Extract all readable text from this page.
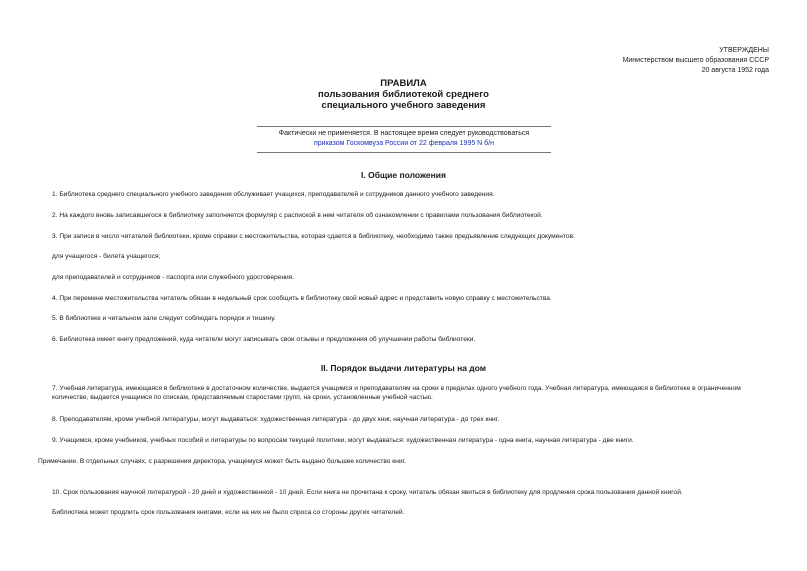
УТВЕРЖДЕНЫ
Министерством высшего образования СССР
20 августа 1952 года
ПРАВИЛА
пользования библиотекой среднего
специального учебного заведения
Фактически не применяется. В настоящее время следует руководствоваться
приказом Госкомвуза России от 22 февраля 1995 N б/н
I. Общие положения
1. Библиотека среднего специального учебного заведения обслуживает учащихся, преподавателей и сотрудников данного учебного заведения.
2. На каждого вновь записавшегося в библиотеку заполняется формуляр с распиской в нем читателя об ознакомлении с правилами пользования библиотекой.
3. При записи в число читателей библиотеки, кроме справки с местожительства, которая сдается в библиотеку, необходимо также предъявление следующих документов:
для учащегося - билета учащегося;
для преподавателей и сотрудников - паспорта или служебного удостоверения.
4. При перемене местожительства читатель обязан в недельный срок сообщить в библиотеку свой новый адрес и представить новую справку с местожительства.
5. В библиотеке и читальном зале следует соблюдать порядок и тишину.
6. Библиотека имеет книгу предложений, куда читатели могут записывать свои отзывы и предложения об улучшении работы библиотеки.
II. Порядок выдачи литературы на дом
7. Учебная литература, имеющаяся в библиотеке в достаточном количестве, выдается учащимся и преподавателям на сроки в пределах одного учебного года. Учебная литература, имеющаяся в библиотеке в ограниченном количестве, выдается учащимся по спискам, представляемым старостами групп, на сроки, установленные учебной частью.
8. Преподавателям, кроме учебной литературы, могут выдаваться: художественная литература - до двух книг, научная литература - до трех книг.
9. Учащимся, кроме учебников, учебных пособий и литературы по вопросам текущей политики, могут выдаваться: художественная литература - одна книга, научная литература - две книги.
Примечание. В отдельных случаях, с разрешения директора, учащемуся может быть выдано большее количество книг.
10. Срок пользования научной литературой - 20 дней и художественной - 10 дней. Если книга не прочитана к сроку, читатель обязан явиться в библиотеку для продления срока пользования данной книгой.
Библиотека может продлить срок пользования книгами, если на них не было спроса со стороны других читателей.
